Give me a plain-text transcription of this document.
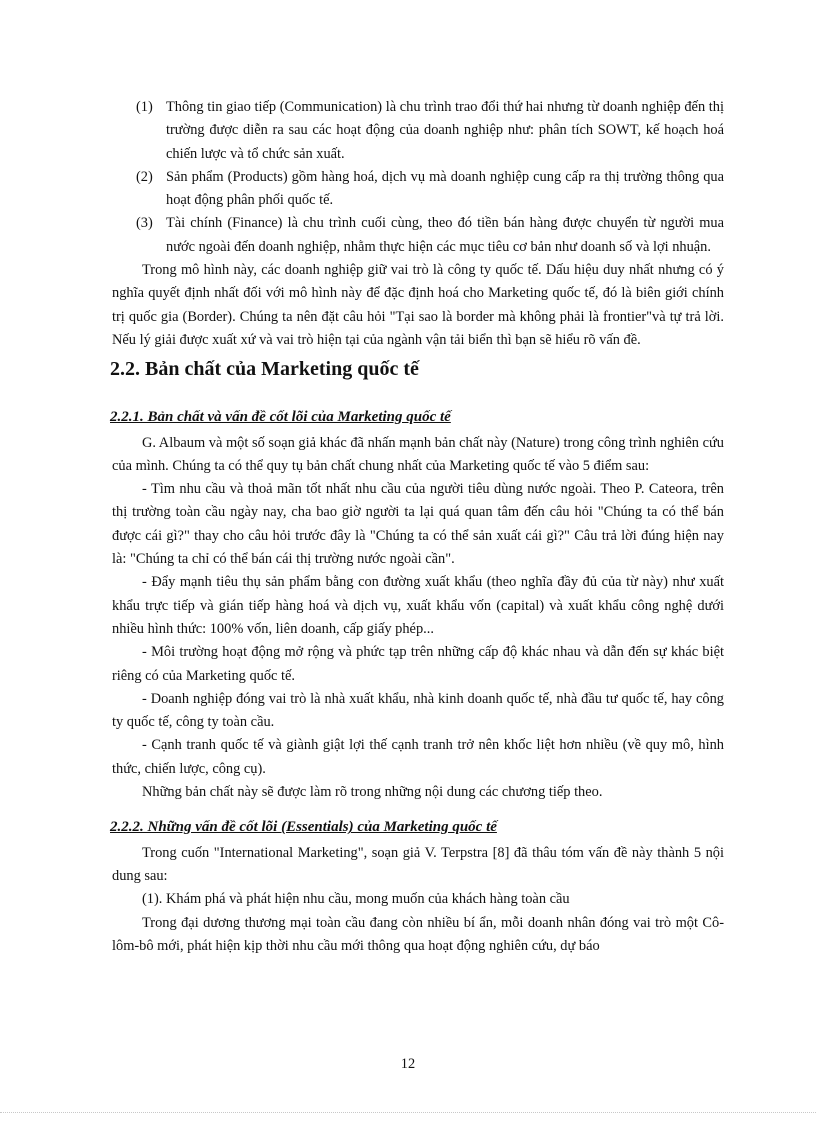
(1) Thông tin giao tiếp (Communication) là chu trình trao đổi thứ hai nhưng từ doanh nghiệp đến thị trường được diễn ra sau các hoạt động của doanh nghiệp như: phân tích SOWT, kế hoạch hoá chiến lược và tổ chức sản xuất.
(2) Sản phẩm (Products) gồm hàng hoá, dịch vụ mà doanh nghiệp cung cấp ra thị trường thông qua hoạt động phân phối quốc tế.
(3) Tài chính (Finance) là chu trình cuối cùng, theo đó tiền bán hàng được chuyển từ người mua nước ngoài đến doanh nghiệp, nhằm thực hiện các mục tiêu cơ bản như doanh số và lợi nhuận.

Trong mô hình này, các doanh nghiệp giữ vai trò là công ty quốc tế. Dấu hiệu duy nhất nhưng có ý nghĩa quyết định nhất đối với mô hình này để đặc định hoá cho Marketing quốc tế, đó là biên giới chính trị quốc gia (Border). Chúng ta nên đặt câu hỏi "Tại sao là border mà không phải là frontier"và tự trả lời. Nếu lý giải được xuất xứ và vai trò hiện tại của ngành vận tải biển thì bạn sẽ hiểu rõ vấn đề.

2.2. Bản chất của Marketing quốc tế
2.2.1. Bản chất và vấn đề cốt lõi của Marketing quốc tế

G. Albaum và một số soạn giả khác đã nhấn mạnh bản chất này (Nature) trong công trình nghiên cứu của mình. Chúng ta có thể quy tụ bản chất chung nhất của Marketing quốc tế vào 5 điểm sau:

- Tìm nhu cầu và thoả mãn tốt nhất nhu cầu của người tiêu dùng nước ngoài. Theo P. Cateora, trên thị trường toàn cầu ngày nay, cha bao giờ người ta lại quá quan tâm đến câu hỏi "Chúng ta có thể bán được cái gì?" thay cho câu hỏi trước đây là "Chúng ta có thể sản xuất cái gì?" Câu trả lời đúng hiện nay là: "Chúng ta chỉ có thể bán cái thị trường nước ngoài cần".

- Đẩy mạnh tiêu thụ sản phẩm bằng con đường xuất khẩu (theo nghĩa đầy đủ của từ này) như xuất khẩu trực tiếp và gián tiếp hàng hoá và dịch vụ, xuất khẩu vốn (capital) và xuất khẩu công nghệ dưới nhiều hình thức: 100% vốn, liên doanh, cấp giấy phép...

- Môi trường hoạt động mở rộng và phức tạp trên những cấp độ khác nhau và dẫn đến sự khác biệt riêng có của Marketing quốc tế.

- Doanh nghiệp đóng vai trò là nhà xuất khẩu, nhà kinh doanh quốc tế, nhà đầu tư quốc tế, hay công ty quốc tế, công ty toàn cầu.

- Cạnh tranh quốc tế và giành giật lợi thế cạnh tranh trở nên khốc liệt hơn nhiều (về quy mô, hình thức, chiến lược, công cụ).

Những bản chất này sẽ được làm rõ trong những nội dung các chương tiếp theo.

2.2.2. Những vấn đề cốt lõi (Essentials) của Marketing quốc tế

Trong cuốn "International Marketing", soạn giả V. Terpstra [8] đã thâu tóm vấn đề này thành 5 nội dung sau:

(1). Khám phá và phát hiện nhu cầu, mong muốn của khách hàng toàn cầu

Trong đại dương thương mại toàn cầu đang còn nhiều bí ẩn, mỗi doanh nhân đóng vai trò một Cô-lôm-bô mới, phát hiện kịp thời nhu cầu mới thông qua hoạt động nghiên cứu, dự báo

12
